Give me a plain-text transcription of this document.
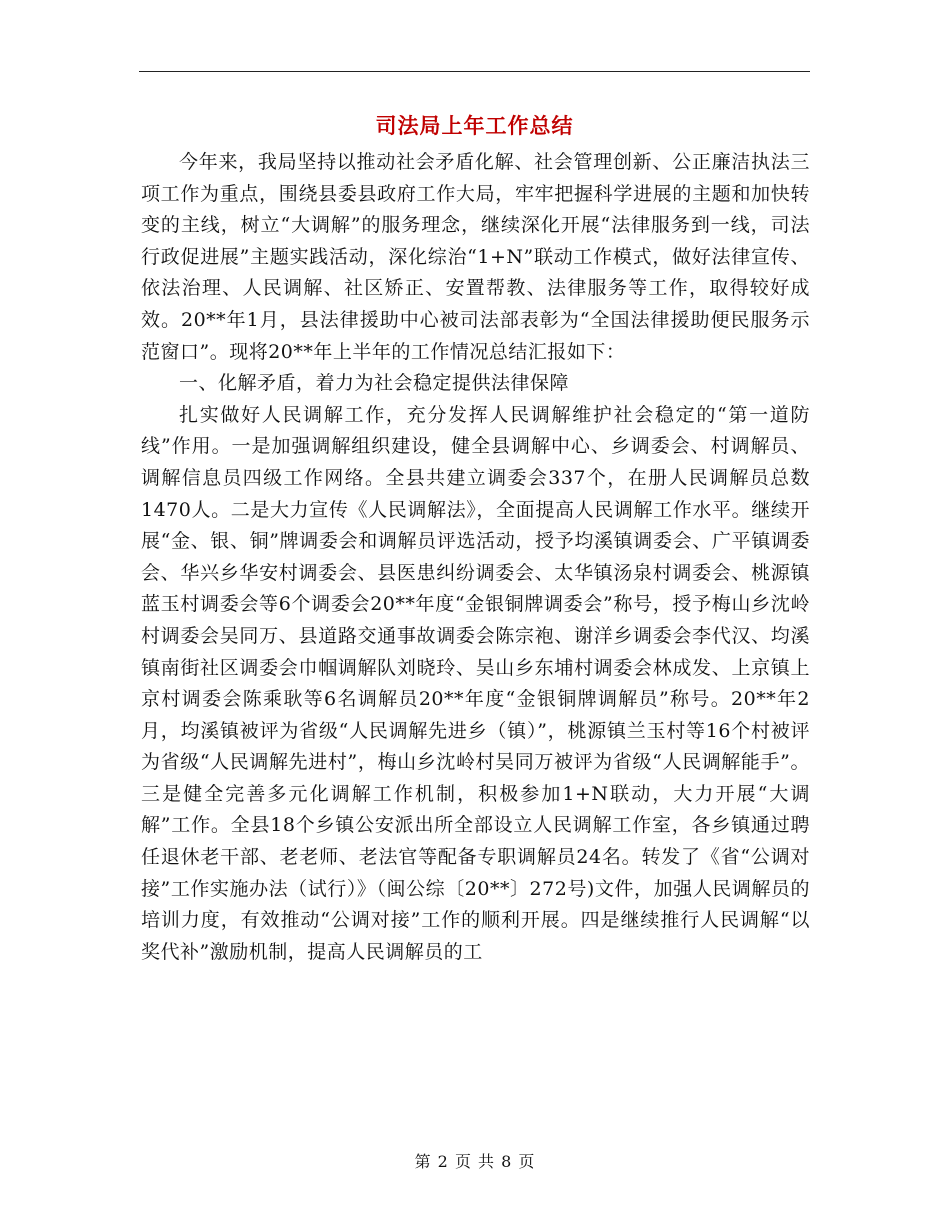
司法局上年工作总结

今年来，我局坚持以推动社会矛盾化解、社会管理创新、公正廉洁执法三项工作为重点，围绕县委县政府工作大局，牢牢把握科学进展的主题和加快转变的主线，树立“大调解”的服务理念，继续深化开展“法律服务到一线，司法行政促进展”主题实践活动，深化综治“1+N”联动工作模式，做好法律宣传、依法治理、人民调解、社区矫正、安置帮教、法律服务等工作，取得较好成效。20**年1月，县法律援助中心被司法部表彰为“全国法律援助便民服务示范窗口”。现将20**年上半年的工作情况总结汇报如下：

一、化解矛盾，着力为社会稳定提供法律保障

扎实做好人民调解工作，充分发挥人民调解维护社会稳定的“第一道防线”作用。一是加强调解组织建设，健全县调解中心、乡调委会、村调解员、调解信息员四级工作网络。全县共建立调委会337个，在册人民调解员总数1470人。二是大力宣传《人民调解法》，全面提高人民调解工作水平。继续开展“金、银、铜”牌调委会和调解员评选活动，授予均溪镇调委会、广平镇调委会、华兴乡华安村调委会、县医患纠纷调委会、太华镇汤泉村调委会、桃源镇蓝玉村调委会等6个调委会20**年度“金银铜牌调委会”称号，授予梅山乡沈岭村调委会吴同万、县道路交通事故调委会陈宗袍、谢洋乡调委会李代汉、均溪镇南街社区调委会巾帼调解队刘晓玲、吴山乡东埔村调委会林成发、上京镇上京村调委会陈乘耿等6名调解员20**年度“金银铜牌调解员”称号。20**年2月，均溪镇被评为省级“人民调解先进乡（镇）”，桃源镇兰玉村等16个村被评为省级“人民调解先进村”，梅山乡沈岭村吴同万被评为省级“人民调解能手”。三是健全完善多元化调解工作机制，积极参加1+N联动，大力开展“大调解”工作。全县18个乡镇公安派出所全部设立人民调解工作室，各乡镇通过聘任退休老干部、老老师、老法官等配备专职调解员24名。转发了《省“公调对接”工作实施办法（试行）》（闽公综〔20**〕272号)文件，加强人民调解员的培训力度，有效推动“公调对接”工作的顺利开展。四是继续推行人民调解“以奖代补”激励机制，提高人民调解员的工

第 2 页 共 8 页
